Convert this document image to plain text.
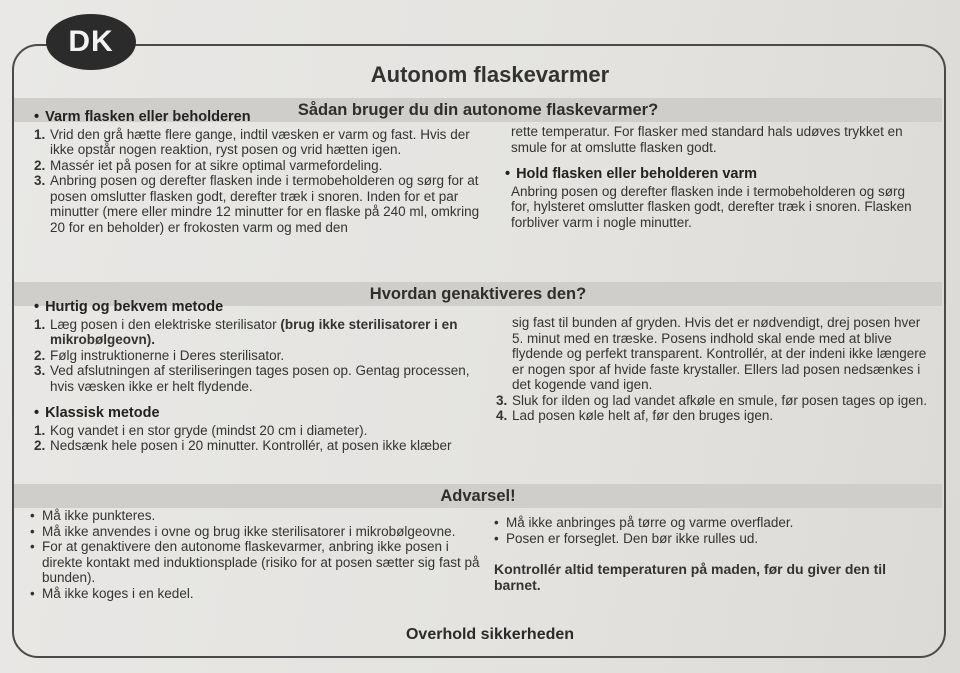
DK
Autonom flaskevarmer
Sådan bruger du din autonome flaskevarmer?
• Varm flasken eller beholderen
1. Vrid den grå hætte flere gange, indtil væsken er varm og fast. Hvis der ikke opstår nogen reaktion, ryst posen og vrid hætten igen.
2. Massér iet på posen for at sikre optimal varmefordeling.
3. Anbring posen og derefter flasken inde i termobeholderen og sørg for at posen omslutter flasken godt, derefter træk i snoren. Inden for et par minutter (mere eller mindre 12 minutter for en flaske på 240 ml, omkring 20 for en beholder) er frokosten varm og med den
rette temperatur. For flasker med standard hals udøves trykket en smule for at omslutte flasken godt.
• Hold flasken eller beholderen varm
Anbring posen og derefter flasken inde i termobeholderen og sørg for, hylsteret omslutter flasken godt, derefter træk i snoren. Flasken forbliver varm i nogle minutter.
Hvordan genaktiveres den?
• Hurtig og bekvem metode
1. Læg posen i den elektriske sterilisator (brug ikke sterilisatorer i en mikrobølgeovn).
2. Følg instruktionerne i Deres sterilisator.
3. Ved afslutningen af steriliseringen tages posen op. Gentag processen, hvis væsken ikke er helt flydende.
• Klassisk metode
1. Kog vandet i en stor gryde (mindst 20 cm i diameter).
2. Nedsænk hele posen i 20 minutter. Kontrollér, at posen ikke klæber
sig fast til bunden af gryden. Hvis det er nødvendigt, drej posen hver 5. minut med en træske. Posens indhold skal ende med at blive flydende og perfekt transparent. Kontrollér, at der indeni ikke længere er nogen spor af hvide faste krystaller. Ellers lad posen nedsænkes i det kogende vand igen.
3. Sluk for ilden og lad vandet afkøle en smule, før posen tages op igen.
4. Lad posen køle helt af, før den bruges igen.
Advarsel!
• Må ikke punkteres.
• Må ikke anvendes i ovne og brug ikke sterilisatorer i mikrobølgeovne.
• For at genaktivere den autonome flaskevarmer, anbring ikke posen i direkte kontakt med induktionsplade (risiko for at posen sætter sig fast på bunden).
• Må ikke koges i en kedel.
• Må ikke anbringes på tørre og varme overflader.
• Posen er forseglet. Den bør ikke rulles ud.
Kontrollér altid temperaturen på maden, før du giver den til barnet.
Overhold sikkerheden
